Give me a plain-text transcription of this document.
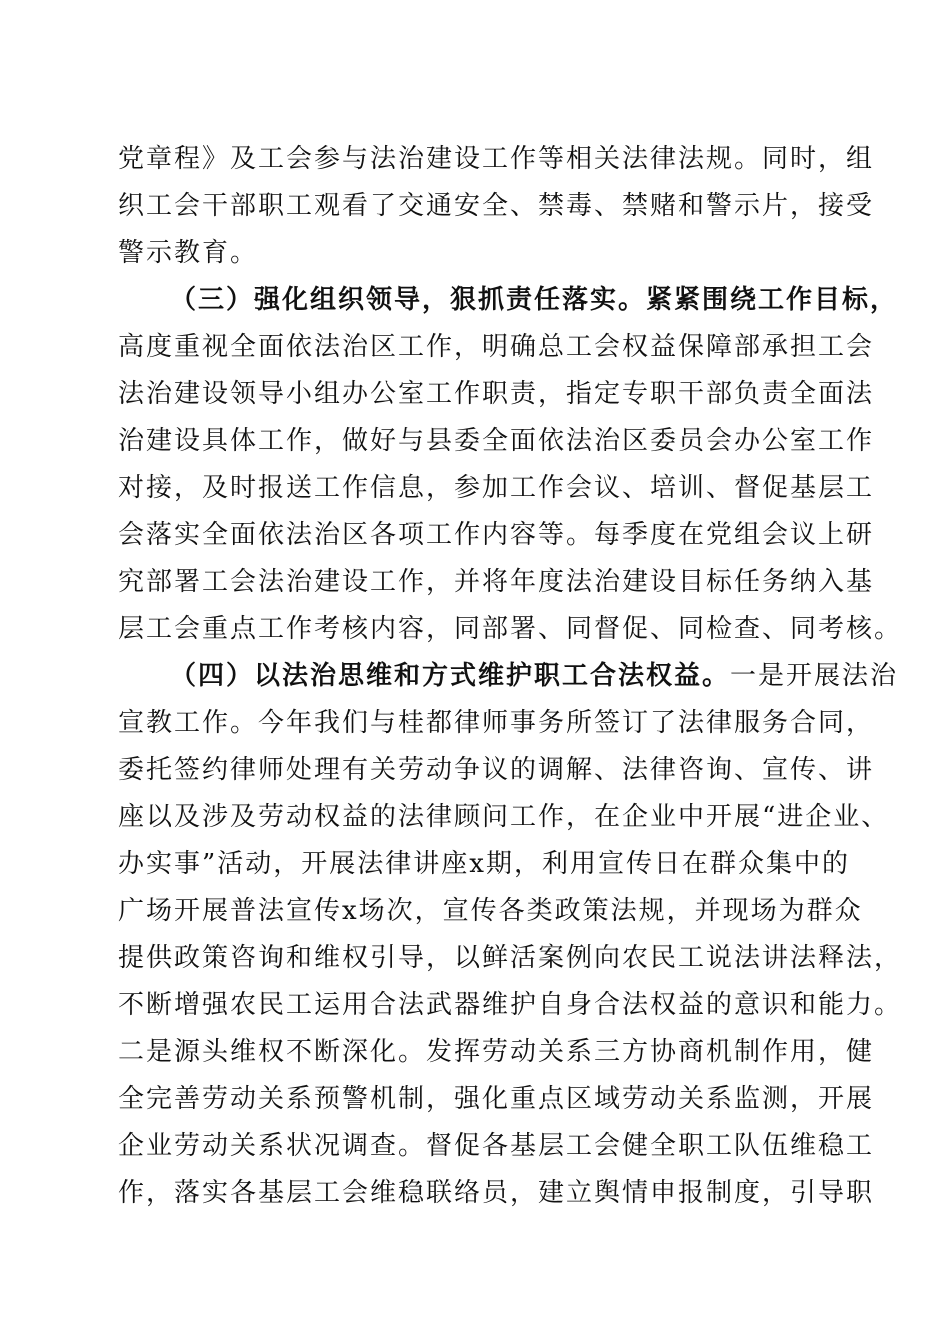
党章程》及工会参与法治建设工作等相关法律法规。同时，组
织工会干部职工观看了交通安全、禁毒、禁赌和警示片，接受
警示教育。
（三）强化组织领导，狠抓责任落实。紧紧围绕工作目标，
高度重视全面依法治区工作，明确总工会权益保障部承担工会
法治建设领导小组办公室工作职责，指定专职干部负责全面法
治建设具体工作，做好与县委全面依法治区委员会办公室工作
对接，及时报送工作信息，参加工作会议、培训、督促基层工
会落实全面依法治区各项工作内容等。每季度在党组会议上研
究部署工会法治建设工作，并将年度法治建设目标任务纳入基
层工会重点工作考核内容，同部署、同督促、同检查、同考核。
（四）以法治思维和方式维护职工合法权益。一是开展法治
宣教工作。今年我们与桂都律师事务所签订了法律服务合同，
委托签约律师处理有关劳动争议的调解、法律咨询、宣传、讲
座以及涉及劳动权益的法律顾问工作，在企业中开展“进企业、
办实事”活动，开展法律讲座x期，利用宣传日在群众集中的
广场开展普法宣传x场次，宣传各类政策法规，并现场为群众
提供政策咨询和维权引导，以鲜活案例向农民工说法讲法释法，
不断增强农民工运用合法武器维护自身合法权益的意识和能力。
二是源头维权不断深化。发挥劳动关系三方协商机制作用，健
全完善劳动关系预警机制，强化重点区域劳动关系监测，开展
企业劳动关系状况调查。督促各基层工会健全职工队伍维稳工
作，落实各基层工会维稳联络员，建立舆情申报制度，引导职
